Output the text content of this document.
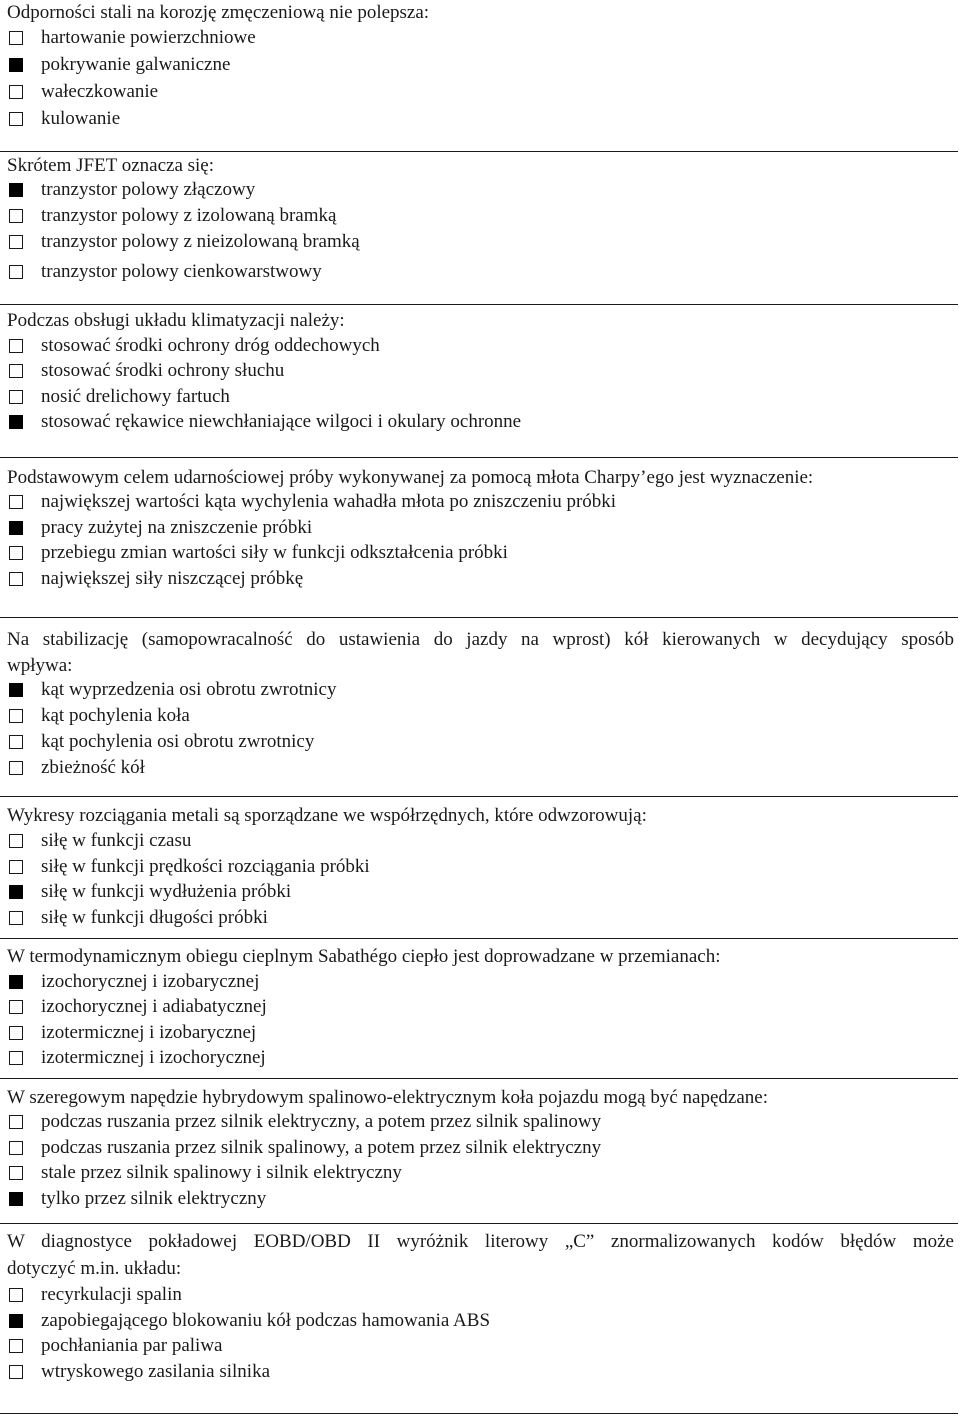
Odporności stali na korozję zmęczeniową nie polepsza:
hartowanie powierzchniowe
pokrywanie galwaniczne
wałeczkowanie
kulowanie
Skrótem JFET oznacza się:
tranzystor polowy złączowy
tranzystor polowy z izolowaną bramką
tranzystor polowy z nieizolowaną bramką
tranzystor polowy cienkowarstwowy
Podczas obsługi układu klimatyzacji należy:
stosować środki ochrony dróg oddechowych
stosować środki ochrony słuchu
nosić drelichowy fartuch
stosować rękawice niewchłaniające wilgoci i okulary ochronne
Podstawowym celem udarnościowej próby wykonywanej za pomocą młota Charpy’ego jest wyznaczenie:
największej wartości kąta wychylenia wahadła młota po zniszczeniu próbki
pracy zużytej na zniszczenie próbki
przebiegu zmian wartości siły w funkcji odkształcenia próbki
największej siły niszczącej próbkę
Na stabilizację (samopowracalność do ustawienia do jazdy na wprost) kół kierowanych w decydujący sposób
wpływa:
kąt wyprzedzenia osi obrotu zwrotnicy
kąt pochylenia koła
kąt pochylenia osi obrotu zwrotnicy
zbieżność kół
Wykresy rozciągania metali są sporządzane we współrzędnych, które odwzorowują:
siłę w funkcji czasu
siłę w funkcji prędkości rozciągania próbki
siłę w funkcji wydłużenia próbki
siłę w funkcji długości próbki
W termodynamicznym obiegu cieplnym Sabathégo ciepło jest doprowadzane w przemianach:
izochorycznej i izobarycznej
izochorycznej i adiabatycznej
izotermicznej i izobarycznej
izotermicznej i izochorycznej
W szeregowym napędzie hybrydowym spalinowo-elektrycznym koła pojazdu mogą być napędzane:
podczas ruszania przez silnik elektryczny, a potem przez silnik spalinowy
podczas ruszania przez silnik spalinowy, a potem przez silnik elektryczny
stale przez silnik spalinowy i silnik elektryczny
tylko przez silnik elektryczny
W diagnostyce pokładowej EOBD/OBD II wyróżnik literowy „C” znormalizowanych kodów błędów może
dotyczyć m.in. układu:
recyrkulacji spalin
zapobiegającego blokowaniu kół podczas hamowania ABS
pochłaniania par paliwa
wtryskowego zasilania silnika
